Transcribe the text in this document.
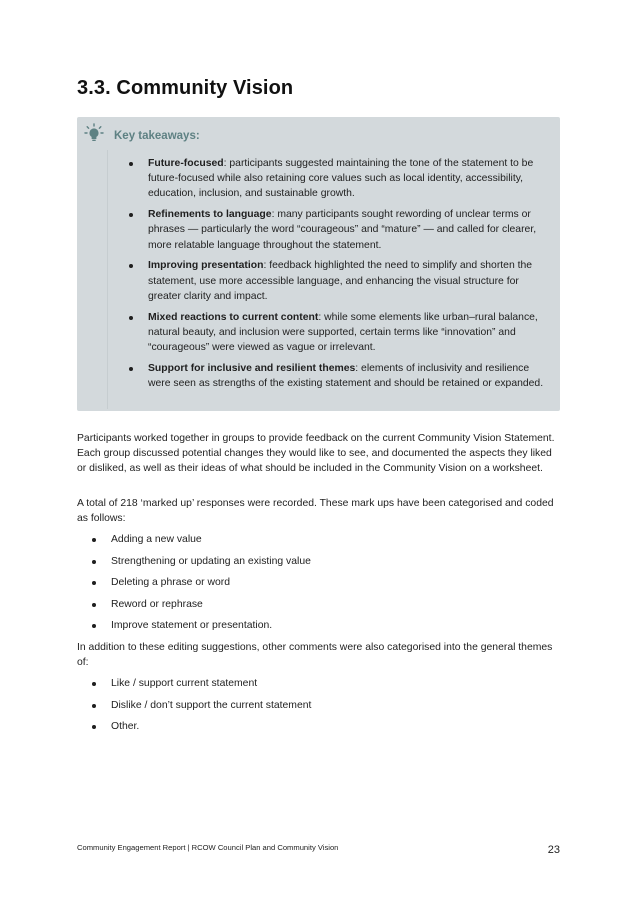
3.3. Community Vision
Key takeaways:
Future-focused: participants suggested maintaining the tone of the statement to be future-focused while also retaining core values such as local identity, accessibility, education, inclusion, and sustainable growth.
Refinements to language: many participants sought rewording of unclear terms or phrases — particularly the word “courageous” and “mature” — and called for clearer, more relatable language throughout the statement.
Improving presentation: feedback highlighted the need to simplify and shorten the statement, use more accessible language, and enhancing the visual structure for greater clarity and impact.
Mixed reactions to current content: while some elements like urban–rural balance, natural beauty, and inclusion were supported, certain terms like “innovation” and “courageous” were viewed as vague or irrelevant.
Support for inclusive and resilient themes: elements of inclusivity and resilience were seen as strengths of the existing statement and should be retained or expanded.

Participants worked together in groups to provide feedback on the current Community Vision Statement. Each group discussed potential changes they would like to see, and documented the aspects they liked or disliked, as well as their ideas of what should be included in the Community Vision on a worksheet.

A total of 218 ‘marked up’ responses were recorded. These mark ups have been categorised and coded as follows:

Adding a new value
Strengthening or updating an existing value
Deleting a phrase or word
Reword or rephrase
Improve statement or presentation.

In addition to these editing suggestions, other comments were also categorised into the general themes of:

Like / support current statement
Dislike / don’t support the current statement
Other.
Community Engagement Report | RCOW Council Plan and Community Vision	23
